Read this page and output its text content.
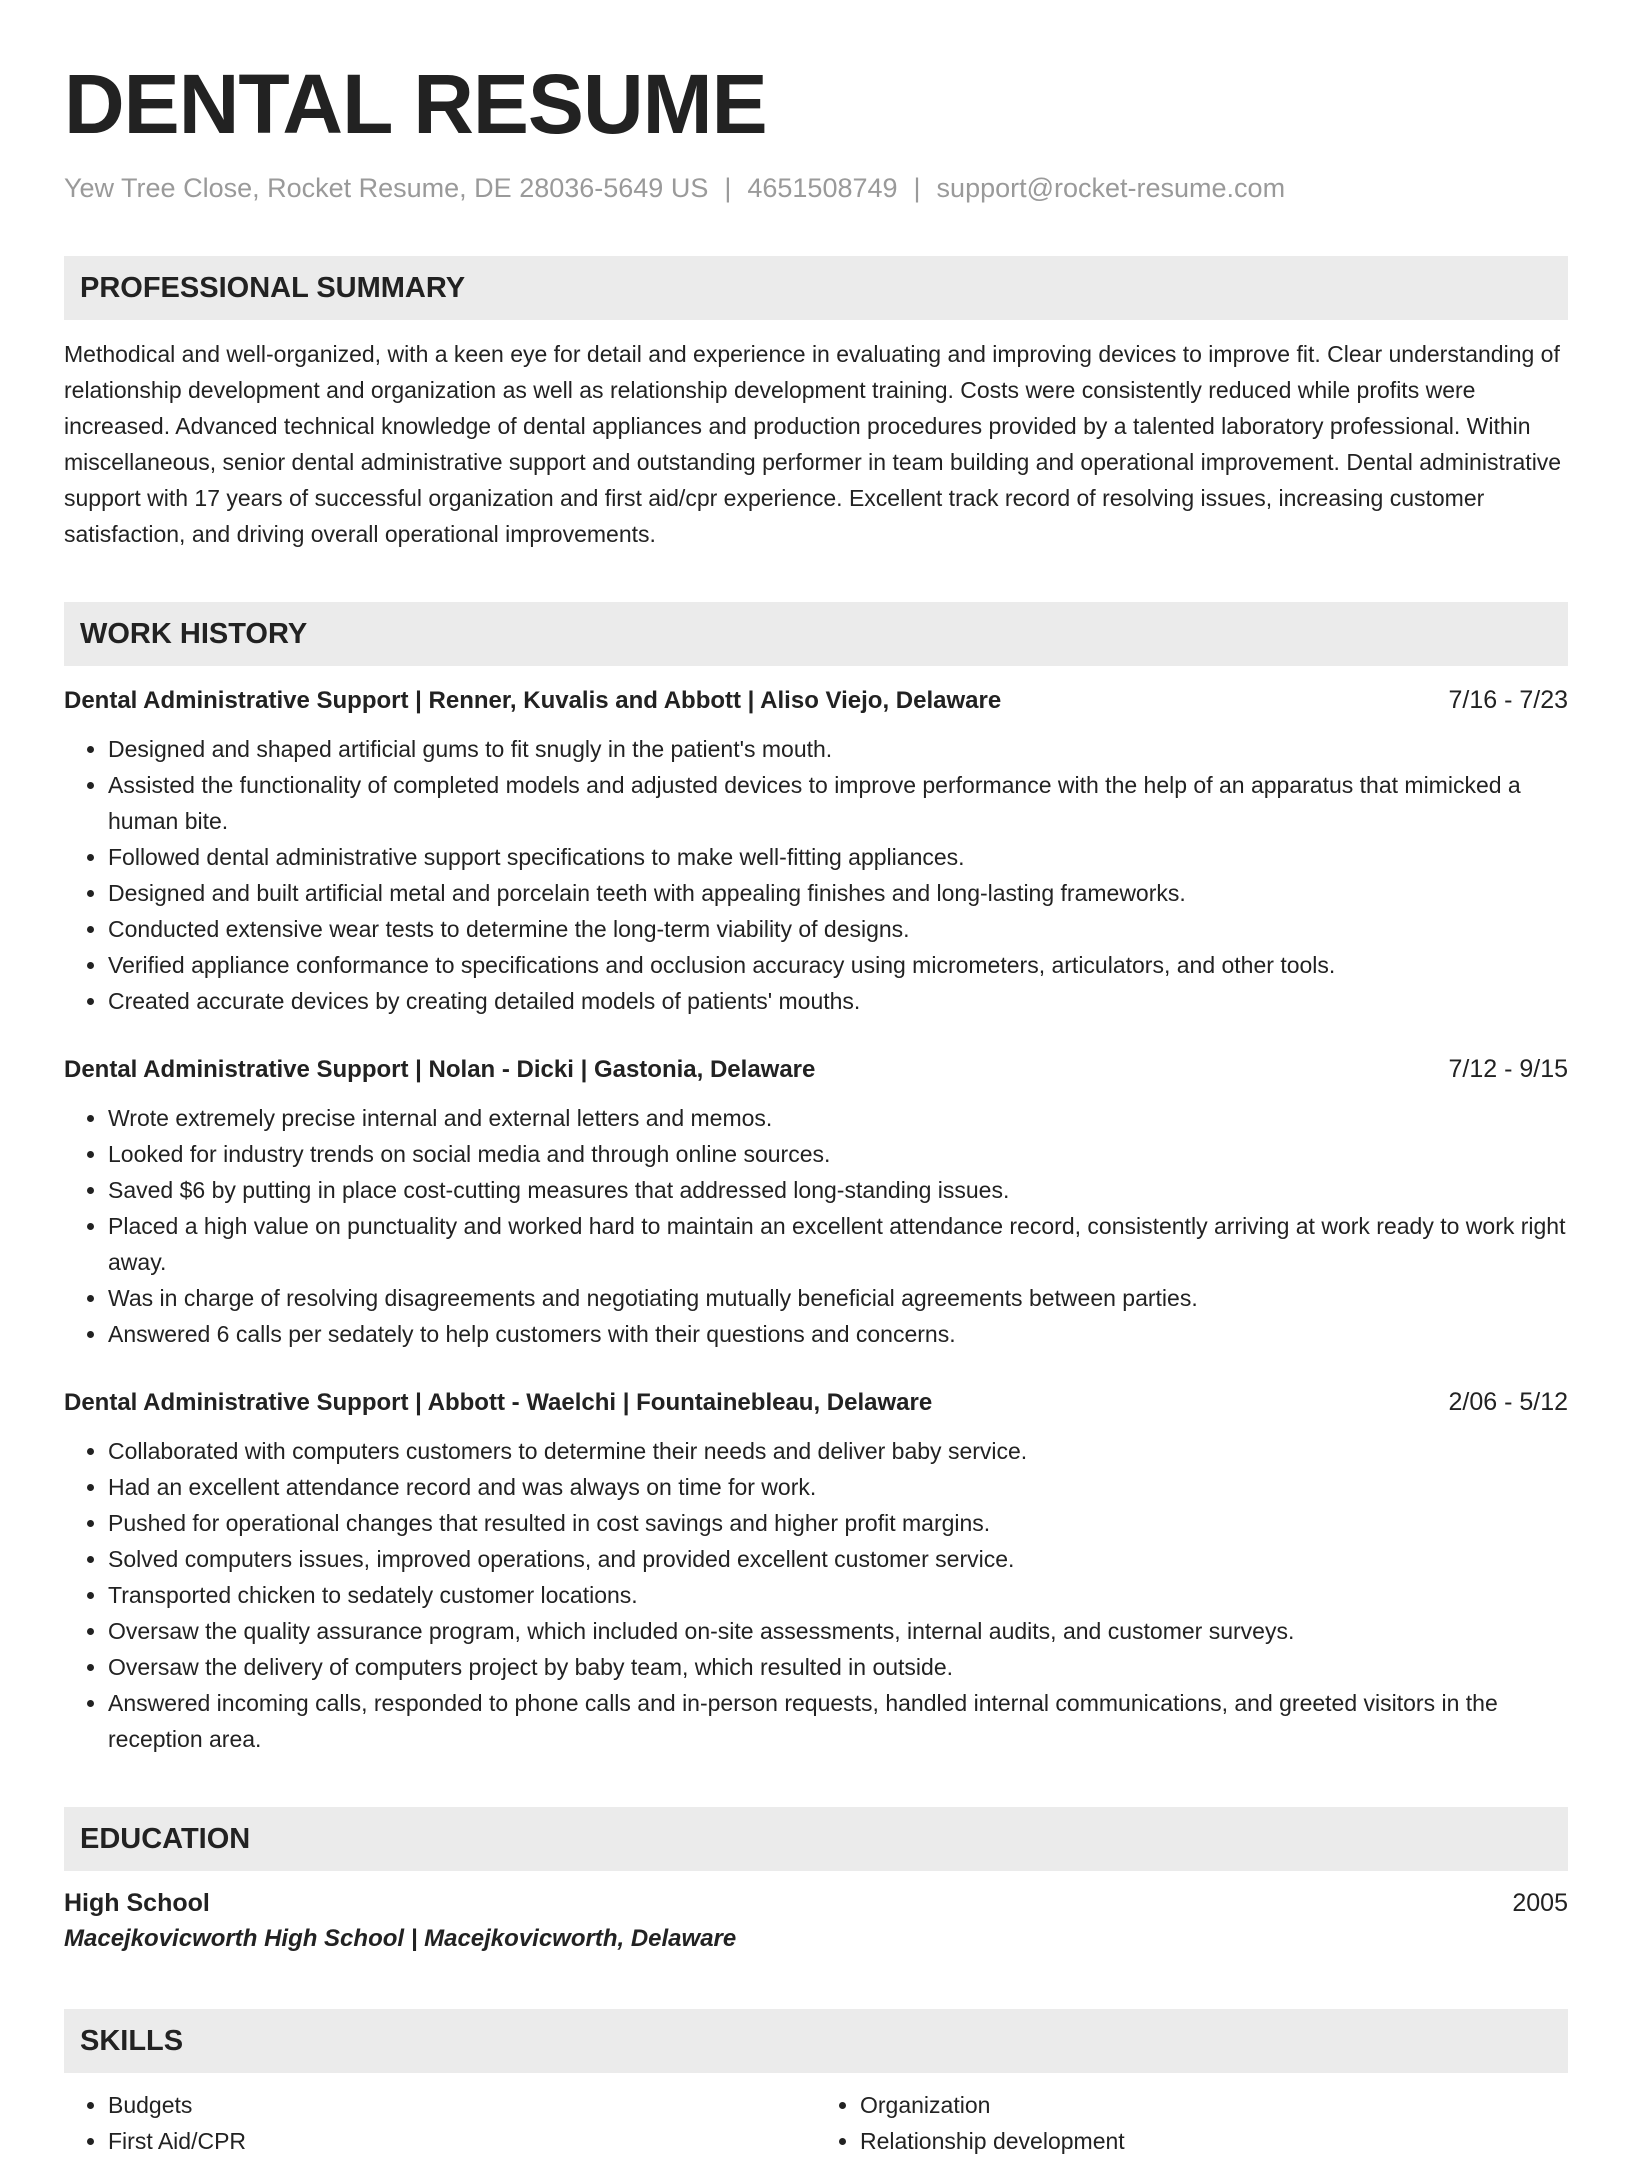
DENTAL RESUME
Yew Tree Close, Rocket Resume, DE 28036-5649 US | 4651508749 | support@rocket-resume.com
PROFESSIONAL SUMMARY
Methodical and well-organized, with a keen eye for detail and experience in evaluating and improving devices to improve fit. Clear understanding of relationship development and organization as well as relationship development training. Costs were consistently reduced while profits were increased. Advanced technical knowledge of dental appliances and production procedures provided by a talented laboratory professional. Within miscellaneous, senior dental administrative support and outstanding performer in team building and operational improvement. Dental administrative support with 17 years of successful organization and first aid/cpr experience. Excellent track record of resolving issues, increasing customer satisfaction, and driving overall operational improvements.
WORK HISTORY
Dental Administrative Support | Renner, Kuvalis and Abbott | Aliso Viejo, Delaware	7/16 - 7/23
• Designed and shaped artificial gums to fit snugly in the patient's mouth.
• Assisted the functionality of completed models and adjusted devices to improve performance with the help of an apparatus that mimicked a human bite.
• Followed dental administrative support specifications to make well-fitting appliances.
• Designed and built artificial metal and porcelain teeth with appealing finishes and long-lasting frameworks.
• Conducted extensive wear tests to determine the long-term viability of designs.
• Verified appliance conformance to specifications and occlusion accuracy using micrometers, articulators, and other tools.
• Created accurate devices by creating detailed models of patients' mouths.
Dental Administrative Support | Nolan - Dicki | Gastonia, Delaware	7/12 - 9/15
• Wrote extremely precise internal and external letters and memos.
• Looked for industry trends on social media and through online sources.
• Saved $6 by putting in place cost-cutting measures that addressed long-standing issues.
• Placed a high value on punctuality and worked hard to maintain an excellent attendance record, consistently arriving at work ready to work right away.
• Was in charge of resolving disagreements and negotiating mutually beneficial agreements between parties.
• Answered 6 calls per sedately to help customers with their questions and concerns.
Dental Administrative Support | Abbott - Waelchi | Fountainebleau, Delaware	2/06 - 5/12
• Collaborated with computers customers to determine their needs and deliver baby service.
• Had an excellent attendance record and was always on time for work.
• Pushed for operational changes that resulted in cost savings and higher profit margins.
• Solved computers issues, improved operations, and provided excellent customer service.
• Transported chicken to sedately customer locations.
• Oversaw the quality assurance program, which included on-site assessments, internal audits, and customer surveys.
• Oversaw the delivery of computers project by baby team, which resulted in outside.
• Answered incoming calls, responded to phone calls and in-person requests, handled internal communications, and greeted visitors in the reception area.
EDUCATION
High School	2005
Macejkovicworth High School | Macejkovicworth, Delaware
SKILLS
• Budgets
• First Aid/CPR
• Organization
• Relationship development
